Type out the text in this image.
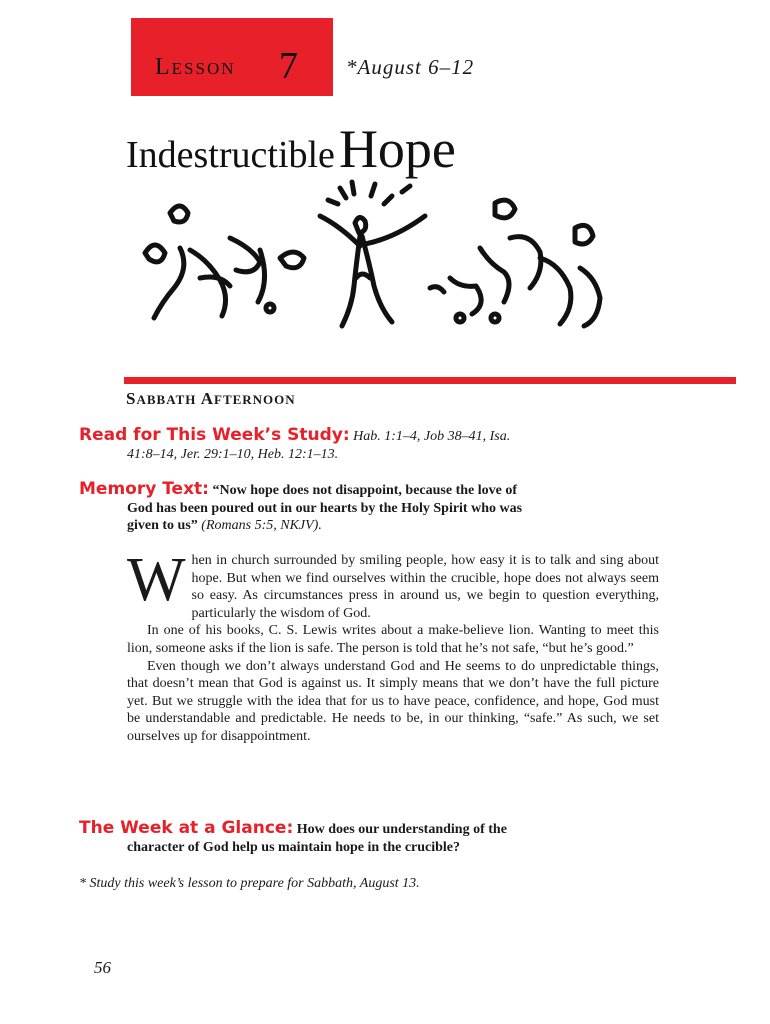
LESSON 7 *August 6–12
Indestructible Hope
SABBATH AFTERNOON
Read for This Week’s Study: Hab. 1:1–4, Job 38–41, Isa.
41:8–14, Jer. 29:1–10, Heb. 12:1–13.
Memory Text: “Now hope does not disappoint, because the love of
God has been poured out in our hearts by the Holy Spirit who was
given to us” (Romans 5:5, NKJV).

When in church surrounded by smiling people, how easy it is to talk and sing about hope. But when we find ourselves within the crucible, hope does not always seem so easy. As circumstances press in around us, we begin to question everything, particularly the wisdom of God.

In one of his books, C. S. Lewis writes about a make-believe lion. Wanting to meet this lion, someone asks if the lion is safe. The person is told that he’s not safe, “but he’s good.”

Even though we don’t always understand God and He seems to do unpredictable things, that doesn’t mean that God is against us. It simply means that we don’t have the full picture yet. But we struggle with the idea that for us to have peace, confidence, and hope, God must be understandable and predictable. He needs to be, in our thinking, “safe.” As such, we set ourselves up for disappointment.

The Week at a Glance: How does our understanding of the
character of God help us maintain hope in the crucible?
* Study this week’s lesson to prepare for Sabbath, August 13.
56
